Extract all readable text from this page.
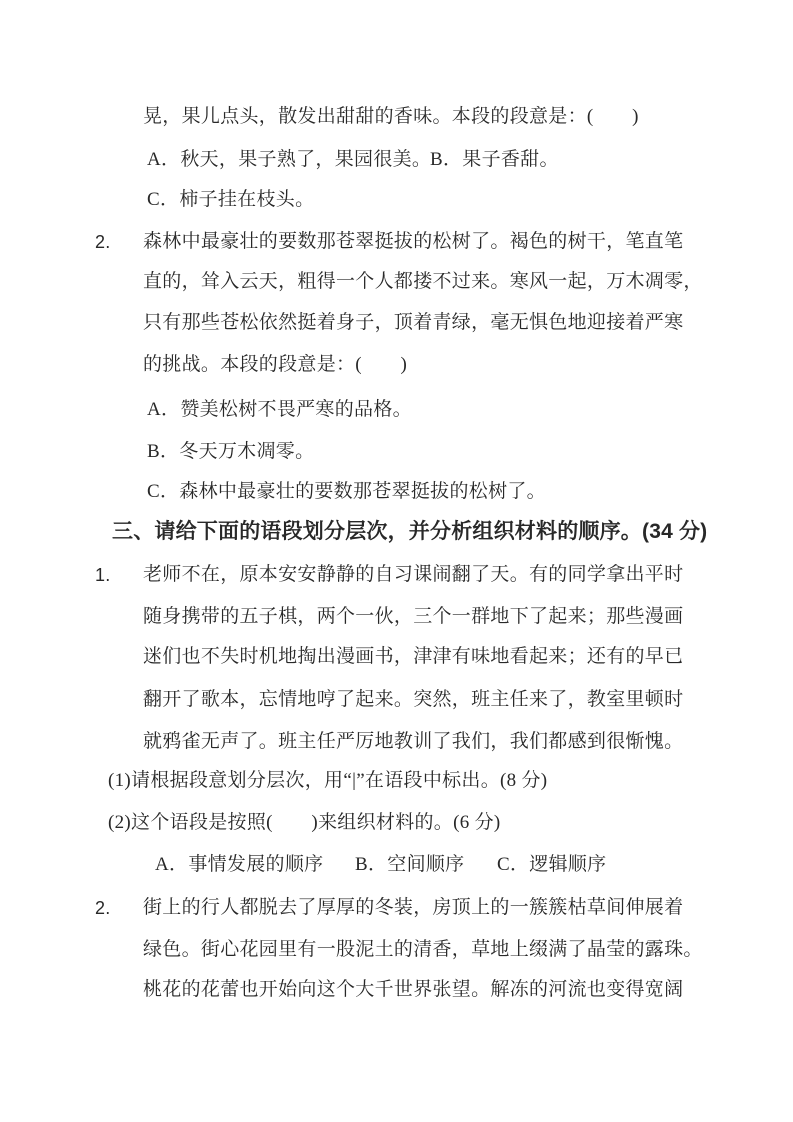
晃，果儿点头，散发出甜甜的香味。本段的段意是：(　　)
A．秋天，果子熟了，果园很美。
B．果子香甜。
C．柿子挂在枝头。
2. 森林中最豪壮的要数那苍翠挺拔的松树了。褐色的树干，笔直笔
直的，耸入云天，粗得一个人都搂不过来。寒风一起，万木凋零，
只有那些苍松依然挺着身子，顶着青绿，毫无惧色地迎接着严寒
的挑战。本段的段意是：(　　)
A．赞美松树不畏严寒的品格。
B．冬天万木凋零。
C．森林中最豪壮的要数那苍翠挺拔的松树了。
三、请给下面的语段划分层次，并分析组织材料的顺序。(34 分)
1. 老师不在，原本安安静静的自习课闹翻了天。有的同学拿出平时
随身携带的五子棋，两个一伙，三个一群地下了起来；那些漫画
迷们也不失时机地掏出漫画书，津津有味地看起来；还有的早已
翻开了歌本，忘情地哼了起来。突然，班主任来了，教室里顿时
就鸦雀无声了。班主任严厉地教训了我们，我们都感到很惭愧。
(1)请根据段意划分层次，用“|”在语段中标出。(8 分)
(2)这个语段是按照(　　)来组织材料的。(6 分)
A．事情发展的顺序 B．空间顺序 C．逻辑顺序
2. 街上的行人都脱去了厚厚的冬装，房顶上的一簇簇枯草间伸展着
绿色。街心花园里有一股泥土的清香，草地上缀满了晶莹的露珠。
桃花的花蕾也开始向这个大千世界张望。解冻的河流也变得宽阔
